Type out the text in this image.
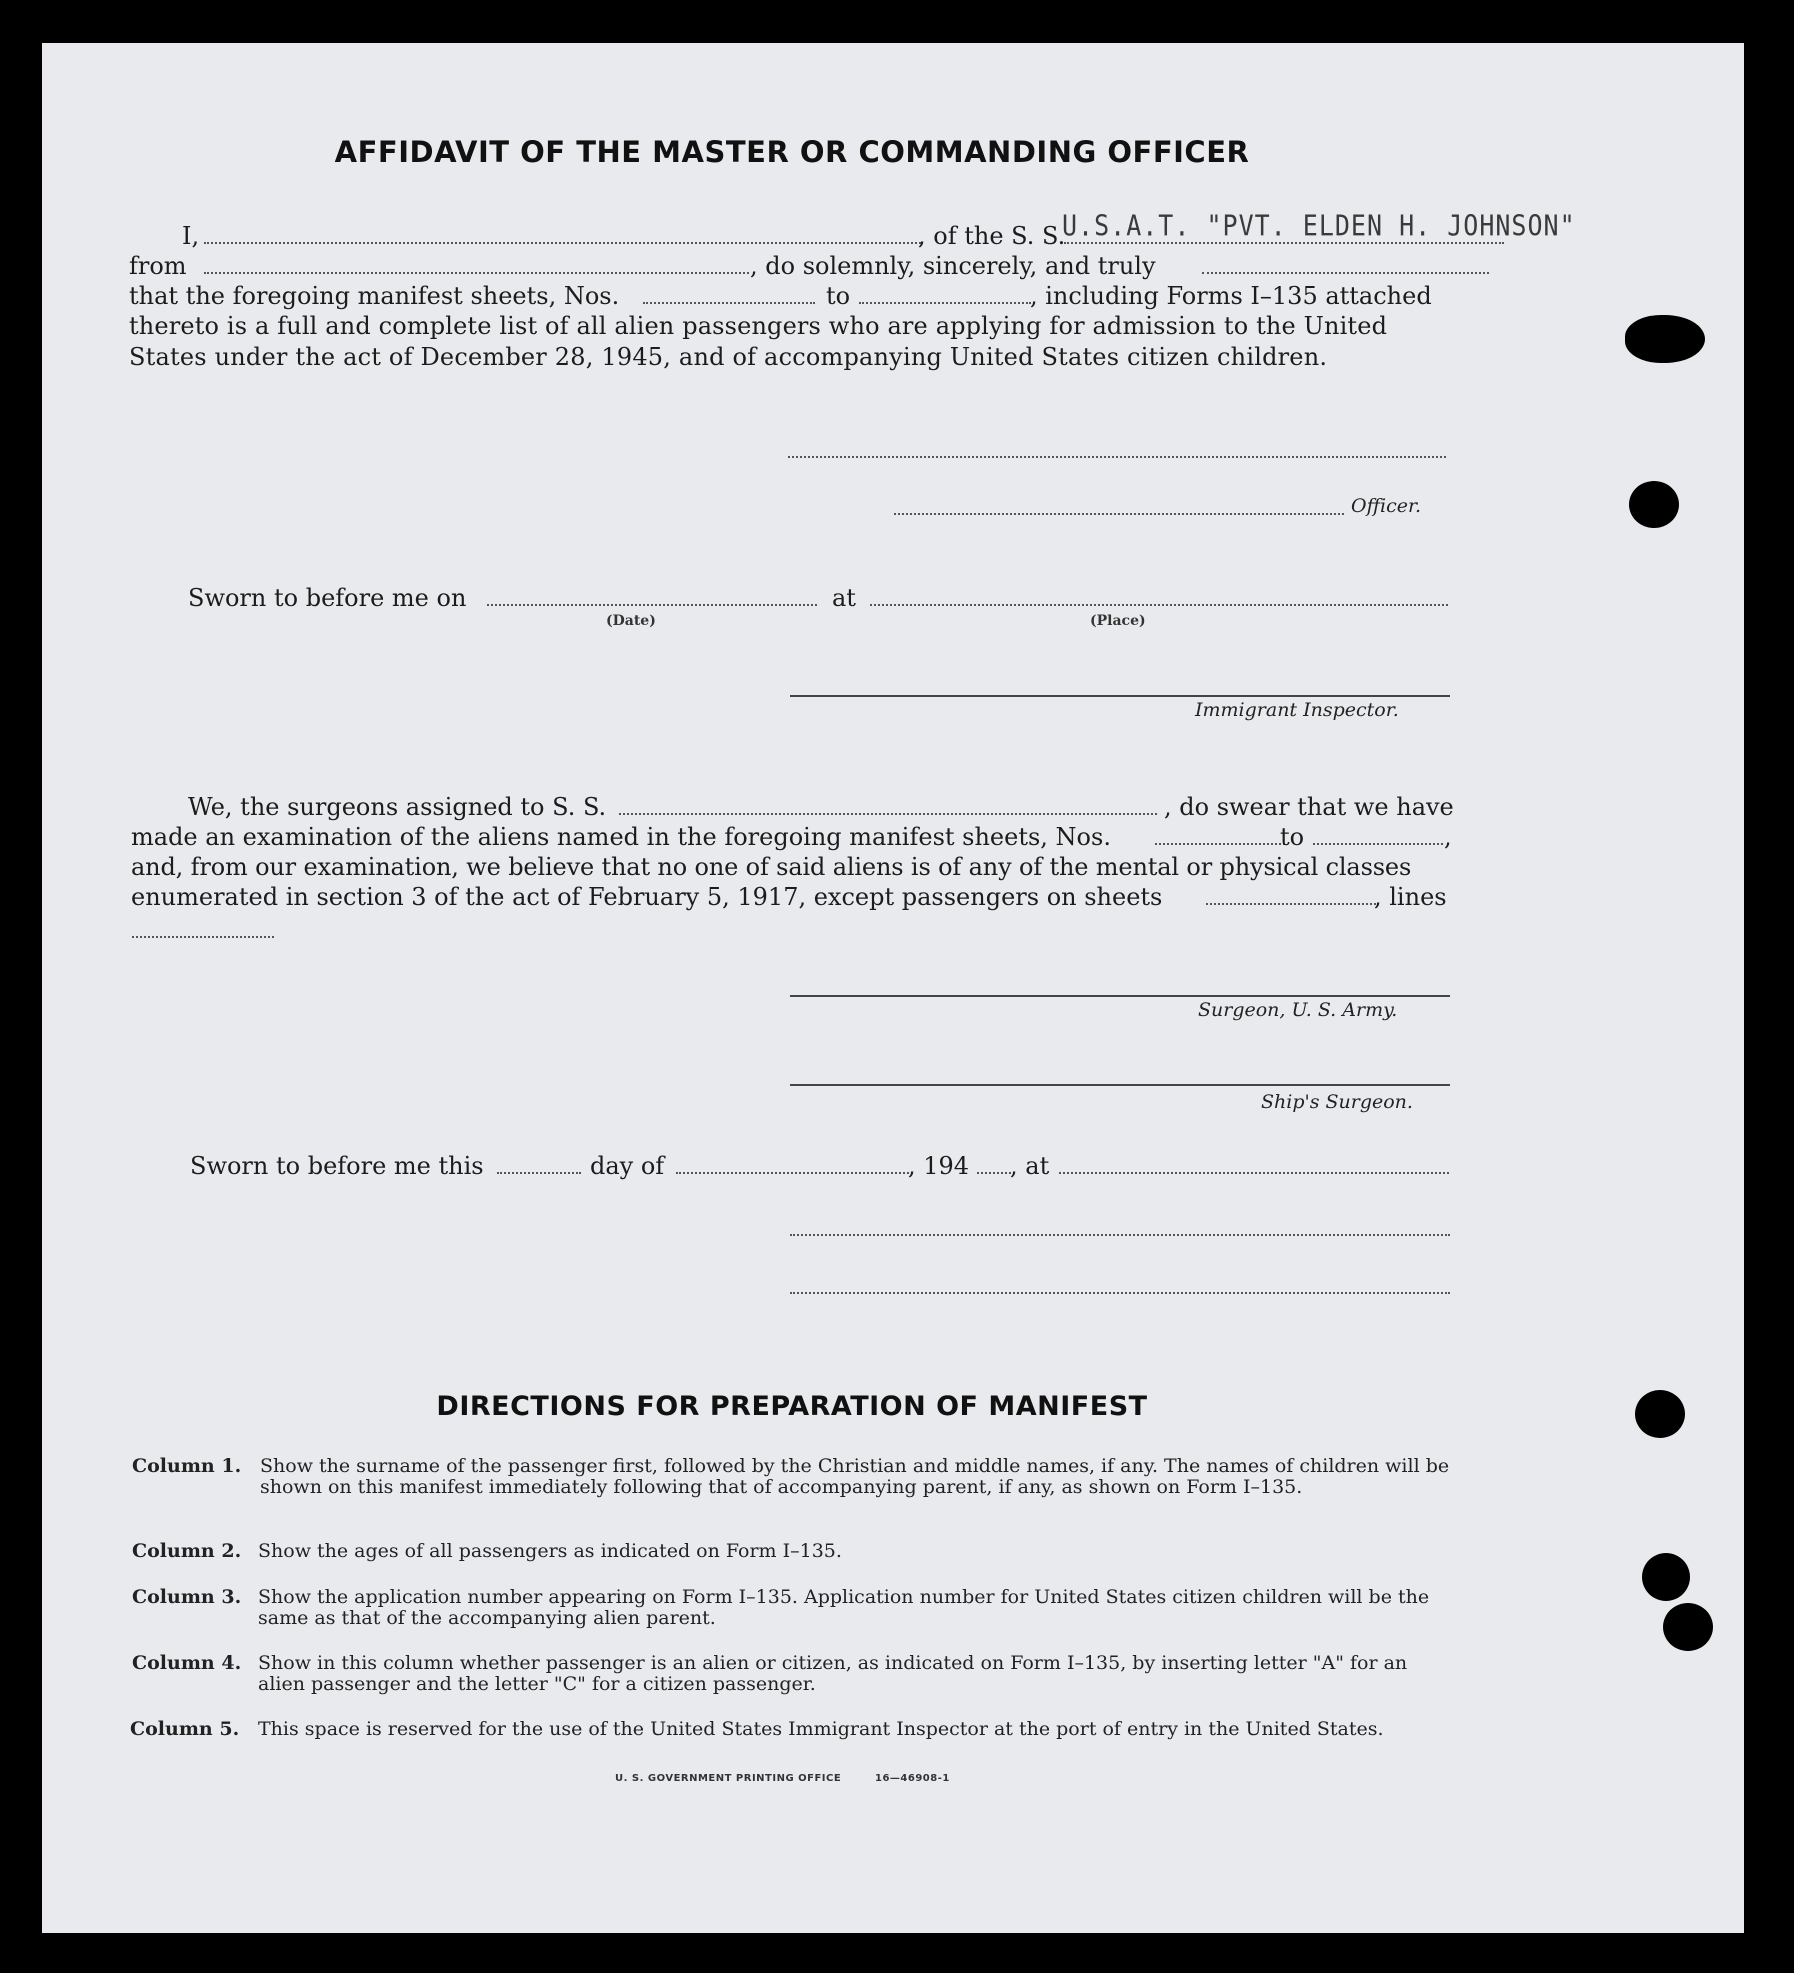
AFFIDAVIT OF THE MASTER OR COMMANDING OFFICER
I,	, of the S. S.
U.S.A.T. "PVT. ELDEN H. JOHNSON"
from	, do solemnly, sincerely, and truly
that the foregoing manifest sheets, Nos.	to	, including Forms I–135 attached
thereto is a full and complete list of all alien passengers who are applying for admission to the United
States under the act of December 28, 1945, and of accompanying United States citizen children.
Officer.
Sworn to before me on
(Date)
at
(Place)
Immigrant Inspector.
We, the surgeons assigned to S. S.	, do swear that we have
made an examination of the aliens named in the foregoing manifest sheets, Nos.	to	,
and, from our examination, we believe that no one of said aliens is of any of the mental or physical classes
enumerated in section 3 of the act of February 5, 1917, except passengers on sheets	, lines
Surgeon, U. S. Army.
Ship's Surgeon.
Sworn to before me this	day of	, 194 , at
DIRECTIONS FOR PREPARATION OF MANIFEST
Column 1. Show the surname of the passenger first, followed by the Christian and middle names, if any. The names of children will be shown on this manifest immediately following that of accompanying parent, if any, as shown on Form I–135.
Column 2. Show the ages of all passengers as indicated on Form I–135.
Column 3. Show the application number appearing on Form I–135. Application number for United States citizen children will be the same as that of the accompanying alien parent.
Column 4. Show in this column whether passenger is an alien or citizen, as indicated on Form I–135, by inserting letter "A" for an alien passenger and the letter "C" for a citizen passenger.
Column 5. This space is reserved for the use of the United States Immigrant Inspector at the port of entry in the United States.
U. S. GOVERNMENT PRINTING OFFICE	16—46908-1
